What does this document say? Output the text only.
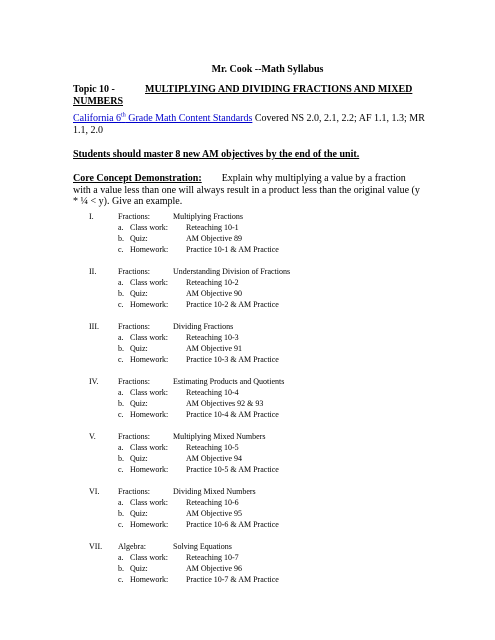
Mr. Cook --Math Syllabus
Topic 10 -	MULTIPLYING AND DIVIDING FRACTIONS AND MIXED NUMBERS
California 6th Grade Math Content Standards Covered NS 2.0, 2.1, 2.2; AF 1.1, 1.3; MR 1.1, 2.0
Students should master 8 new AM objectives by the end of the unit.
Core Concept Demonstration: Explain why multiplying a value by a fraction with a value less than one will always result in a product less than the original value (y * ¼ < y). Give an example.
I.	Fractions:	Multiplying Fractions
a. Class work:	Reteaching 10-1
b. Quiz:	AM Objective 89
c. Homework:	Practice 10-1 & AM Practice
II.	Fractions:	Understanding Division of Fractions
a. Class work:	Reteaching 10-2
b. Quiz:	AM Objective 90
c. Homework:	Practice 10-2 & AM Practice
III.	Fractions:	Dividing Fractions
a. Class work:	Reteaching 10-3
b. Quiz:	AM Objective 91
c. Homework:	Practice 10-3 & AM Practice
IV.	Fractions:	Estimating Products and Quotients
a. Class work:	Reteaching 10-4
b. Quiz:	AM Objectives 92 & 93
c. Homework:	Practice 10-4 & AM Practice
V.	Fractions:	Multiplying Mixed Numbers
a. Class work:	Reteaching 10-5
b. Quiz:	AM Objective 94
c. Homework:	Practice 10-5 & AM Practice
VI.	Fractions:	Dividing Mixed Numbers
a. Class work:	Reteaching 10-6
b. Quiz:	AM Objective 95
c. Homework:	Practice 10-6 & AM Practice
VII.	Algebra:	Solving Equations
a. Class work:	Reteaching 10-7
b. Quiz:	AM Objective 96
c. Homework:	Practice 10-7 & AM Practice
